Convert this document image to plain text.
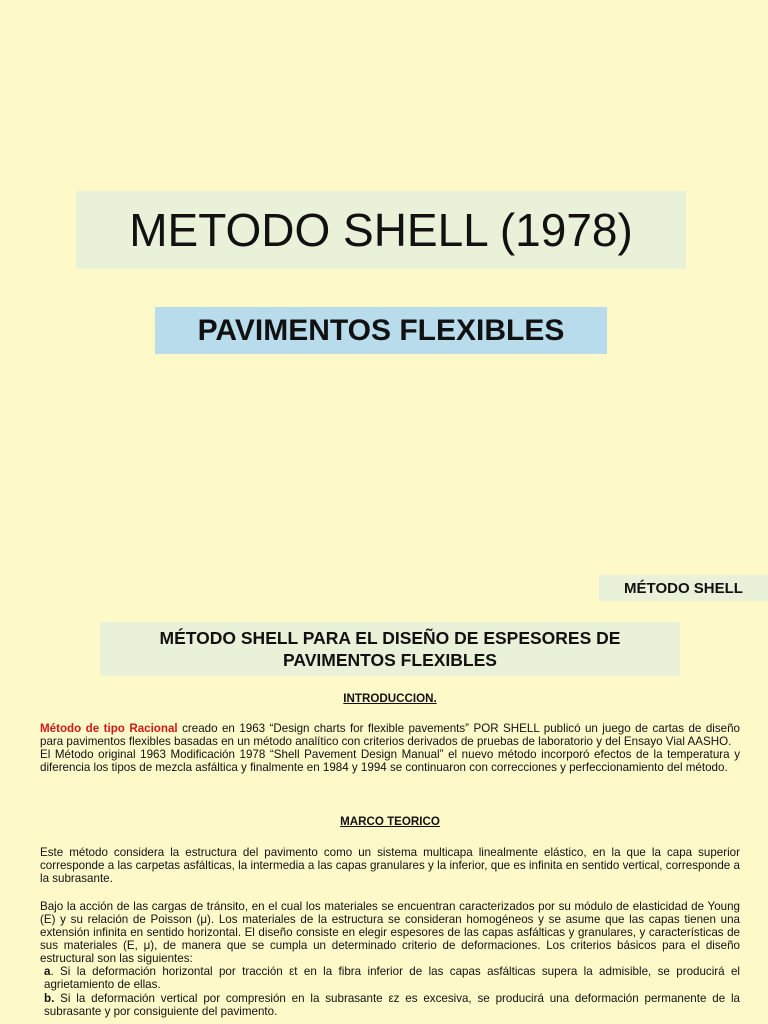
METODO SHELL (1978)
PAVIMENTOS FLEXIBLES
MÉTODO SHELL
MÉTODO SHELL PARA EL DISEÑO DE ESPESORES DE
PAVIMENTOS FLEXIBLES
INTRODUCCION.

Método de tipo Racional creado en 1963 “Design charts for flexible pavements” POR SHELL publicó un juego de cartas de diseño para pavimentos flexibles basadas en un método analítico con criterios derivados de pruebas de laboratorio y del Ensayo Vial AASHO.

El Método original 1963 Modificación 1978 “Shell Pavement Design Manual” el nuevo método incorporó efectos de la temperatura y diferencia los tipos de mezcla asfáltica y finalmente en 1984 y 1994 se continuaron con correcciones y perfeccionamiento del método.

MARCO TEORICO
Este método considera la estructura del pavimento como un sistema multicapa linealmente elástico, en la que la capa superior corresponde a las carpetas asfálticas, la intermedia a las capas granulares y la inferior, que es infinita en sentido vertical, corresponde a la subrasante.

Bajo la acción de las cargas de tránsito, en el cual los materiales se encuentran caracterizados por su módulo de elasticidad de Young (E) y su relación de Poisson (μ). Los materiales de la estructura se consideran homogéneos y se asume que las capas tienen una extensión infinita en sentido horizontal. El diseño consiste en elegir espesores de las capas asfálticas y granulares, y características de sus materiales (E, μ), de manera que se cumpla un determinado criterio de deformaciones. Los criterios básicos para el diseño estructural son las siguientes:

a. Si la deformación horizontal por tracción εt en la fibra inferior de las capas asfálticas supera la admisible, se producirá el agrietamiento de ellas.

b. Si la deformación vertical por compresión en la subrasante εz es excesiva, se producirá una deformación permanente de la subrasante y por consiguiente del pavimento.
